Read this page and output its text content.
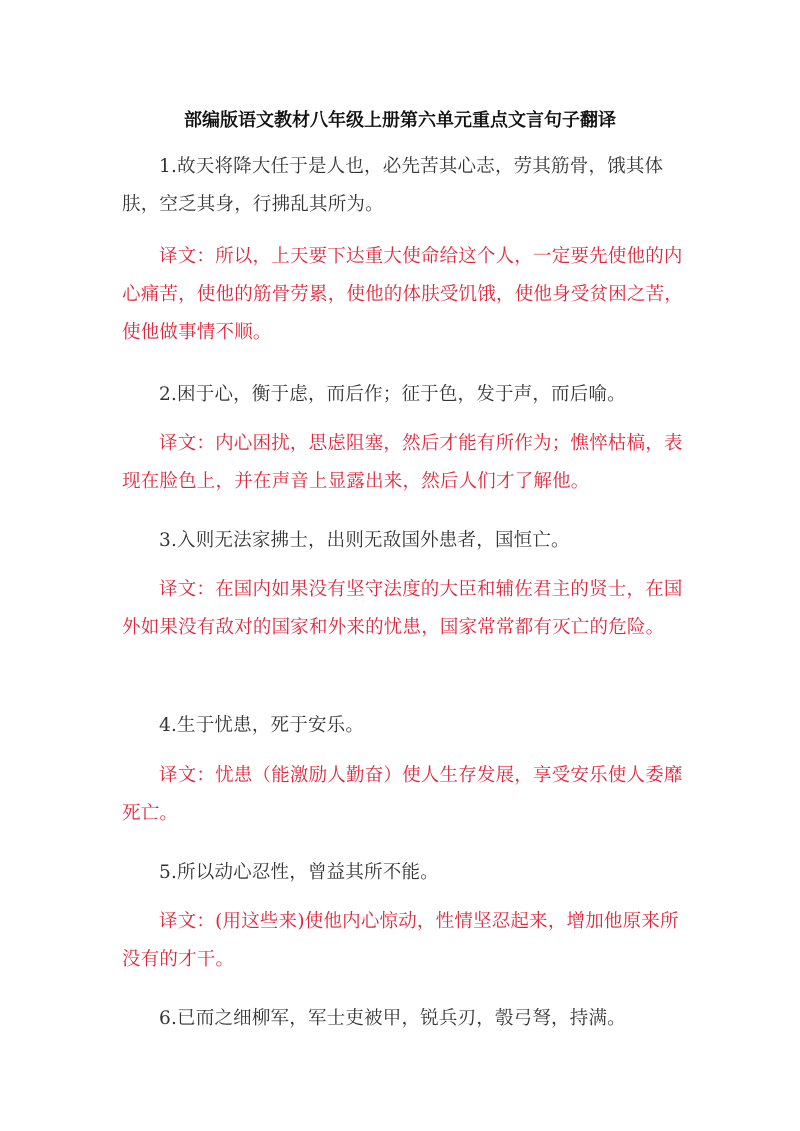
部编版语文教材八年级上册第六单元重点文言句子翻译

1.故天将降大任于是人也，必先苦其心志，劳其筋骨，饿其体肤，空乏其身，行拂乱其所为。

译文：所以，上天要下达重大使命给这个人，一定要先使他的内心痛苦，使他的筋骨劳累，使他的体肤受饥饿，使他身受贫困之苦，使他做事情不顺。

2.困于心，衡于虑，而后作；征于色，发于声，而后喻。

译文：内心困扰，思虑阻塞，然后才能有所作为；憔悴枯槁，表现在脸色上，并在声音上显露出来，然后人们才了解他。

3.入则无法家拂士，出则无敌国外患者，国恒亡。

译文：在国内如果没有坚守法度的大臣和辅佐君主的贤士，在国外如果没有敌对的国家和外来的忧患，国家常常都有灭亡的危险。

4.生于忧患，死于安乐。

译文：忧患（能激励人勤奋）使人生存发展，享受安乐使人委靡死亡。

5.所以动心忍性，曾益其所不能。

译文：(用这些来)使他内心惊动，性情坚忍起来，增加他原来所没有的才干。

6.已而之细柳军，军士吏被甲，锐兵刃，彀弓弩，持满。
